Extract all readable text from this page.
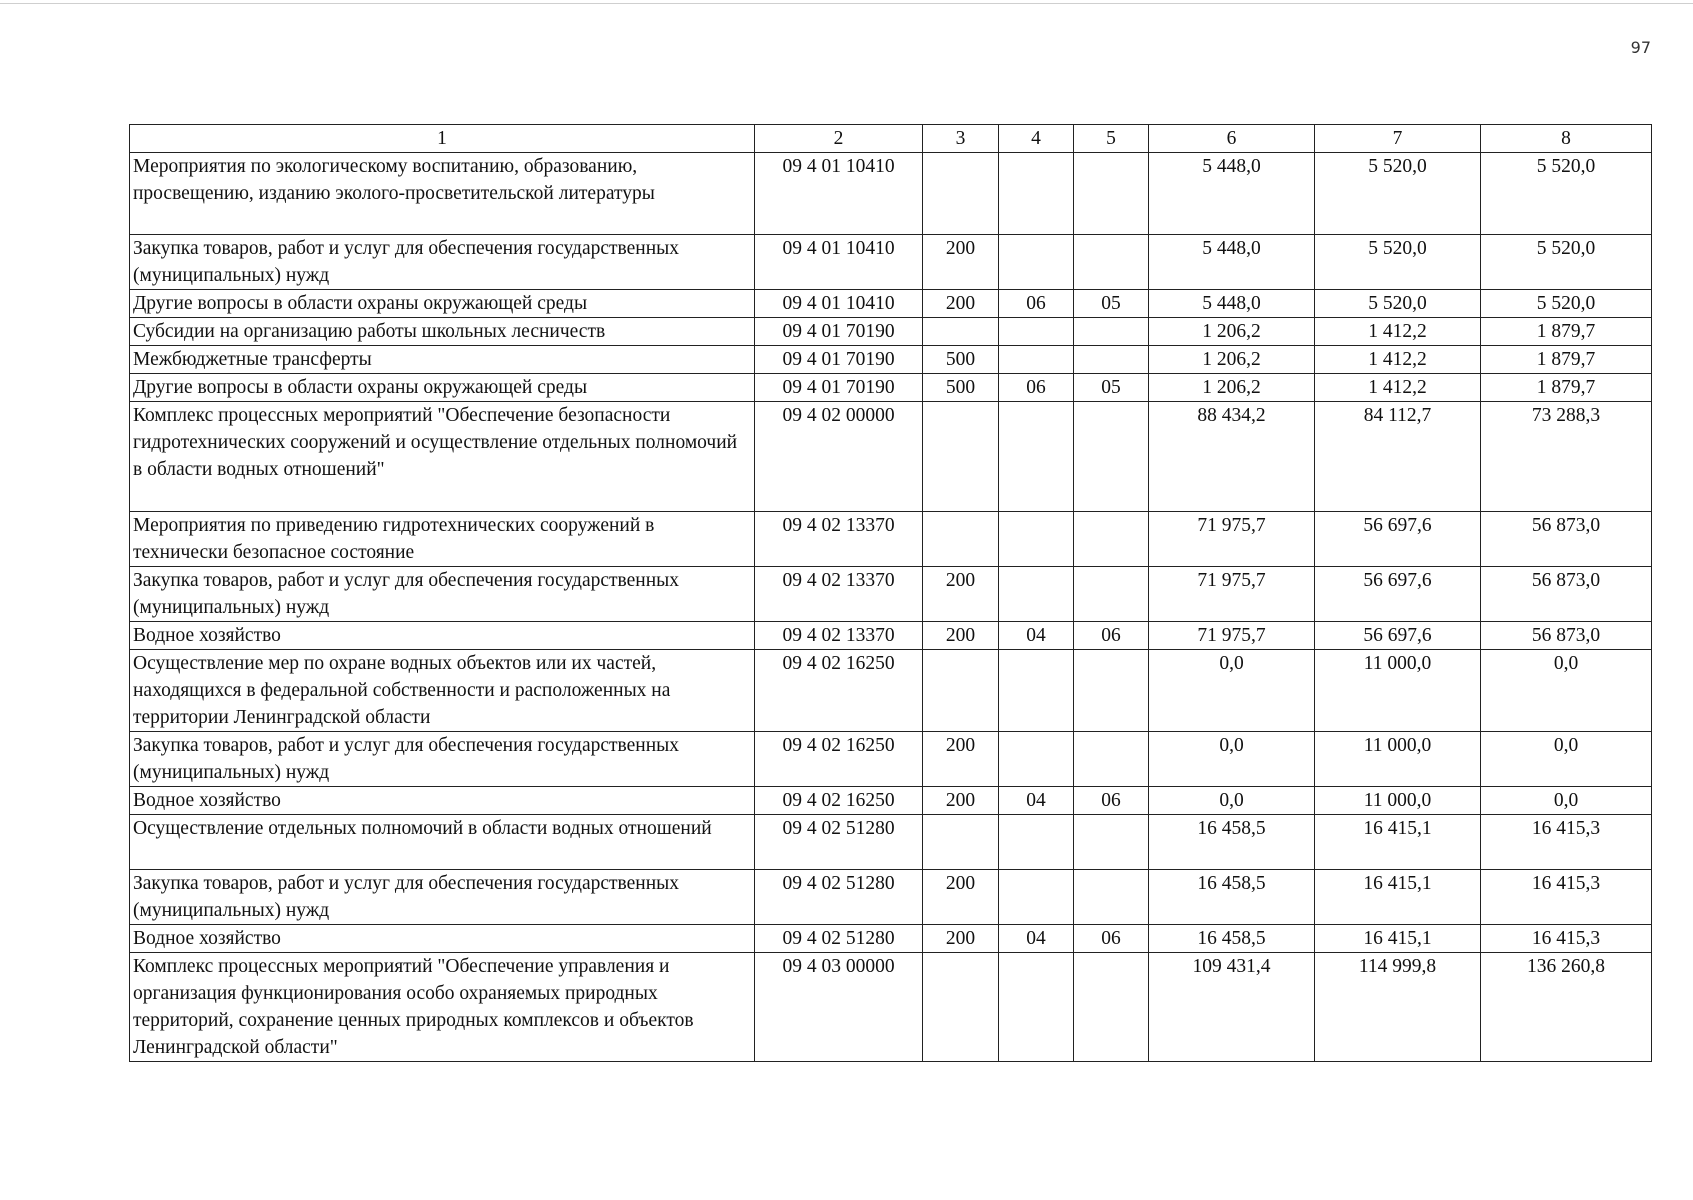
97
1	2	3	4	5	6	7	8
Мероприятия по экологическому воспитанию, образованию, просвещению, изданию эколого-просветительской литературы	09 4 01 10410				5 448,0	5 520,0	5 520,0
Закупка товаров, работ и услуг для обеспечения государственных (муниципальных) нужд	09 4 01 10410	200			5 448,0	5 520,0	5 520,0
Другие вопросы в области охраны окружающей среды	09 4 01 10410	200	06	05	5 448,0	5 520,0	5 520,0
Субсидии на организацию работы школьных лесничеств	09 4 01 70190				1 206,2	1 412,2	1 879,7
Межбюджетные трансферты	09 4 01 70190	500			1 206,2	1 412,2	1 879,7
Другие вопросы в области охраны окружающей среды	09 4 01 70190	500	06	05	1 206,2	1 412,2	1 879,7
Комплекс процессных мероприятий "Обеспечение безопасности гидротехнических сооружений и осуществление отдельных полномочий в области водных отношений"	09 4 02 00000				88 434,2	84 112,7	73 288,3
Мероприятия по приведению гидротехнических сооружений в технически безопасное состояние	09 4 02 13370				71 975,7	56 697,6	56 873,0
Закупка товаров, работ и услуг для обеспечения государственных (муниципальных) нужд	09 4 02 13370	200			71 975,7	56 697,6	56 873,0
Водное хозяйство	09 4 02 13370	200	04	06	71 975,7	56 697,6	56 873,0
Осуществление мер по охране водных объектов или их частей, находящихся в федеральной собственности и расположенных на территории Ленинградской области	09 4 02 16250				0,0	11 000,0	0,0
Закупка товаров, работ и услуг для обеспечения государственных (муниципальных) нужд	09 4 02 16250	200			0,0	11 000,0	0,0
Водное хозяйство	09 4 02 16250	200	04	06	0,0	11 000,0	0,0
Осуществление отдельных полномочий в области водных отношений	09 4 02 51280				16 458,5	16 415,1	16 415,3
Закупка товаров, работ и услуг для обеспечения государственных (муниципальных) нужд	09 4 02 51280	200			16 458,5	16 415,1	16 415,3
Водное хозяйство	09 4 02 51280	200	04	06	16 458,5	16 415,1	16 415,3
Комплекс процессных мероприятий "Обеспечение управления и организация функционирования особо охраняемых природных территорий, сохранение ценных природных комплексов и объектов Ленинградской области"	09 4 03 00000				109 431,4	114 999,8	136 260,8
